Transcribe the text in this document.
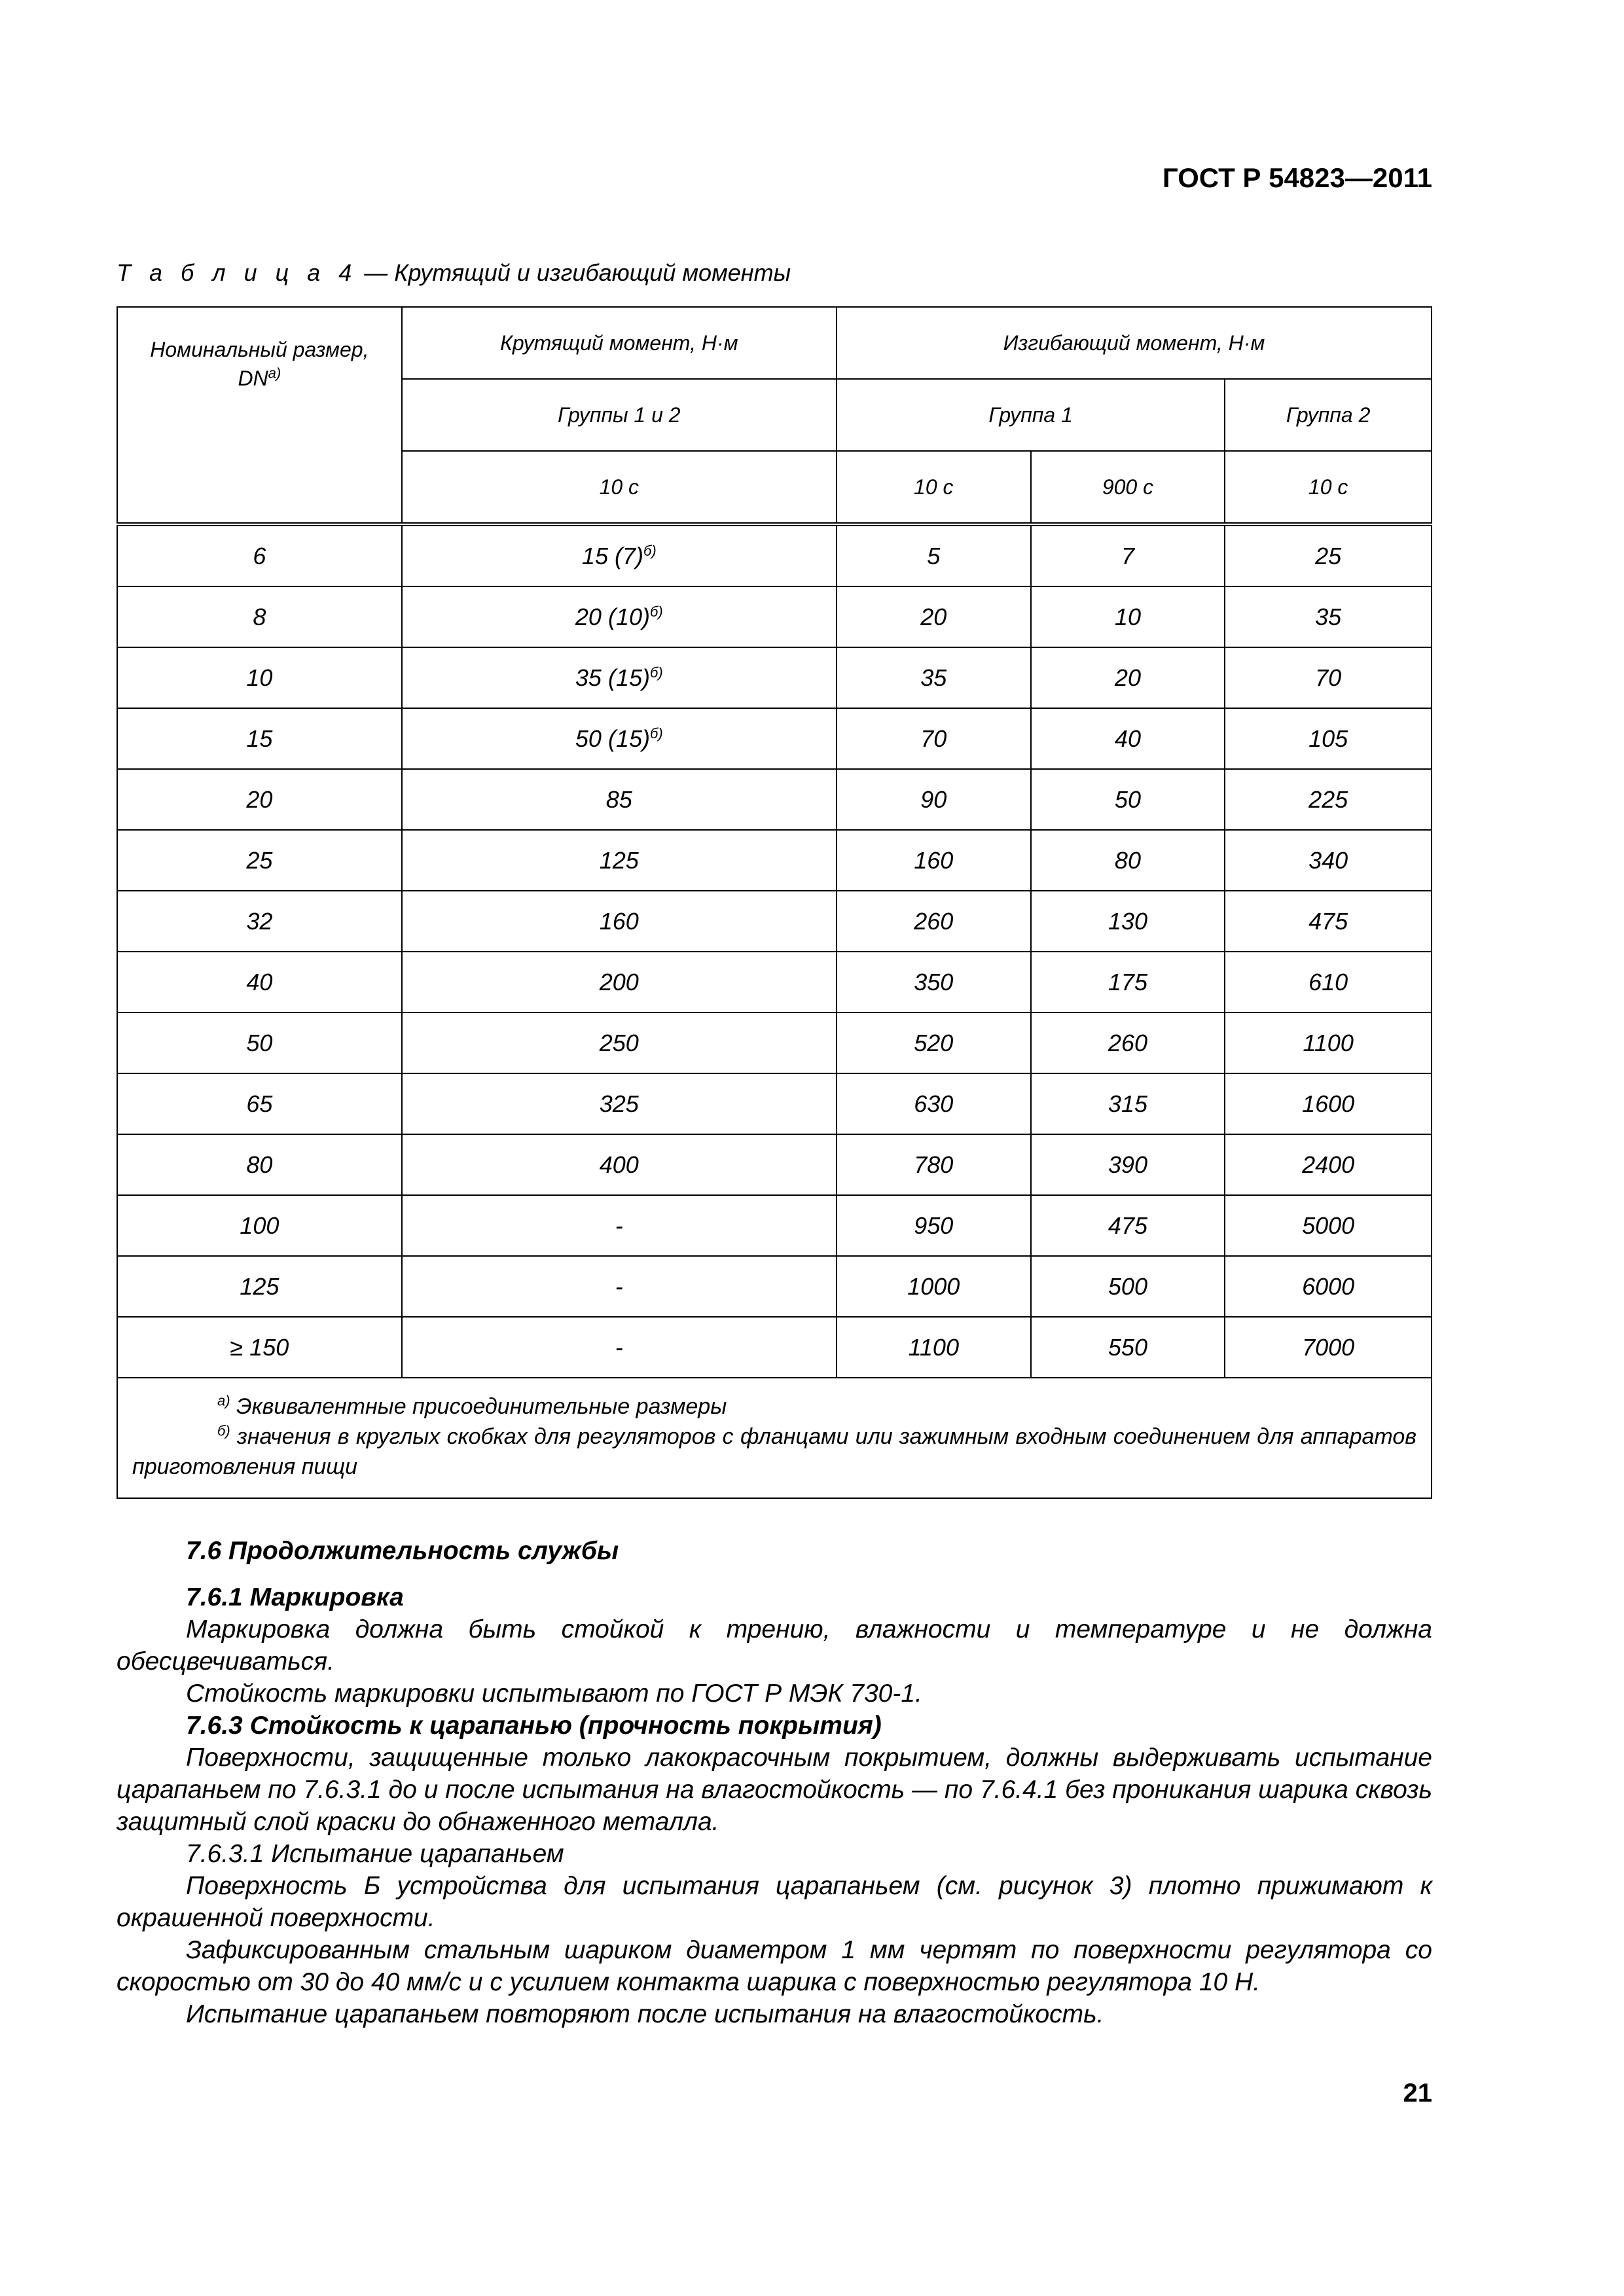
ГОСТ Р 54823—2011
Т а б л и ц а 4 — Крутящий и изгибающий моменты
Номинальный размер,
$DN^{а)}$	Крутящий момент, Н·м	Изгибающий момент, Н·м		
	Группы 1 и 2	Группа 1		Группа 2
	10 с	10 с	900 с	10 с
6	15 $(7)^{б)}$	5	7	25
8	20 $(10)^{б)}$	20	10	35
10	35 $(15)^{б)}$	35	20	70
15	50 $(15)^{б)}$	70	40	105
20	85	90	50	225
25	125	160	80	340
32	160	260	130	475
40	200	350	175	610
50	250	520	260	1100
65	325	630	315	1600
80	400	780	390	2400
100	-	950	475	5000
125	-	1000	500	6000
≥ 150	-	1100	550	7000

$^{а)}$ Эквивалентные присоединительные размеры

$^{б)}$ значения в круглых скобках для регуляторов с фланцами или зажимным входным соединением для аппаратов приготовления пищи				

7.6 Продолжительность службы

7.6.1 Маркировка

Маркировка должна быть стойкой к трению, влажности и температуре и не должна обесцвечиваться.

Стойкость маркировки испытывают по ГОСТ Р МЭК 730-1.

7.6.3 Стойкость к царапанью (прочность покрытия)

Поверхности, защищенные только лакокрасочным покрытием, должны выдерживать испытание царапаньем по 7.6.3.1 до и после испытания на влагостойкость — по 7.6.4.1 без проникания шарика сквозь защитный слой краски до обнаженного металла.

7.6.3.1 Испытание царапаньем

Поверхность Б устройства для испытания царапаньем (см. рисунок 3) плотно прижимают к окрашенной поверхности.

Зафиксированным стальным шариком диаметром 1 мм чертят по поверхности регулятора со скоростью от 30 до 40 мм/с и с усилием контакта шарика с поверхностью регулятора 10 Н.

Испытание царапаньем повторяют после испытания на влагостойкость.

21
